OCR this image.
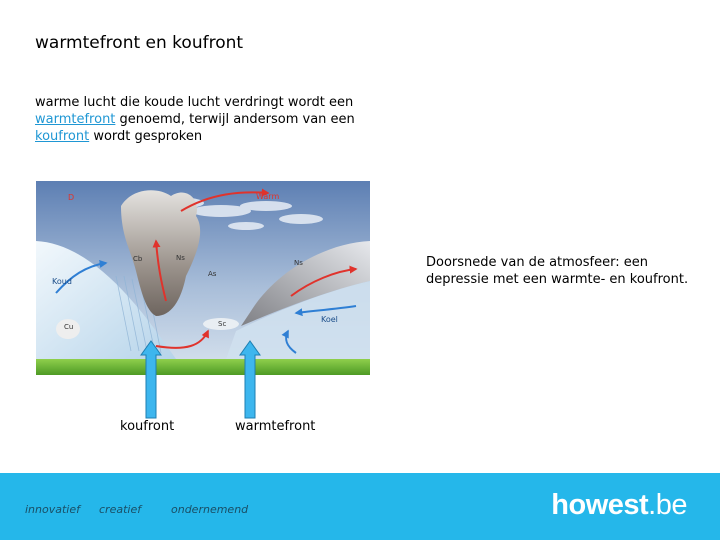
warmtefront en koufront
warme lucht die koude lucht verdringt wordt een warmtefront genoemd, terwijl andersom van een koufront wordt gesproken
D	Warm
Koud
Koel
Cb	Ns
Ns
As
Cu	Sc
Doorsnede van de atmosfeer: een depressie met een warmte- en koufront.
koufront	warmtefront
innovatief creatief	ondernemend	howest.be
